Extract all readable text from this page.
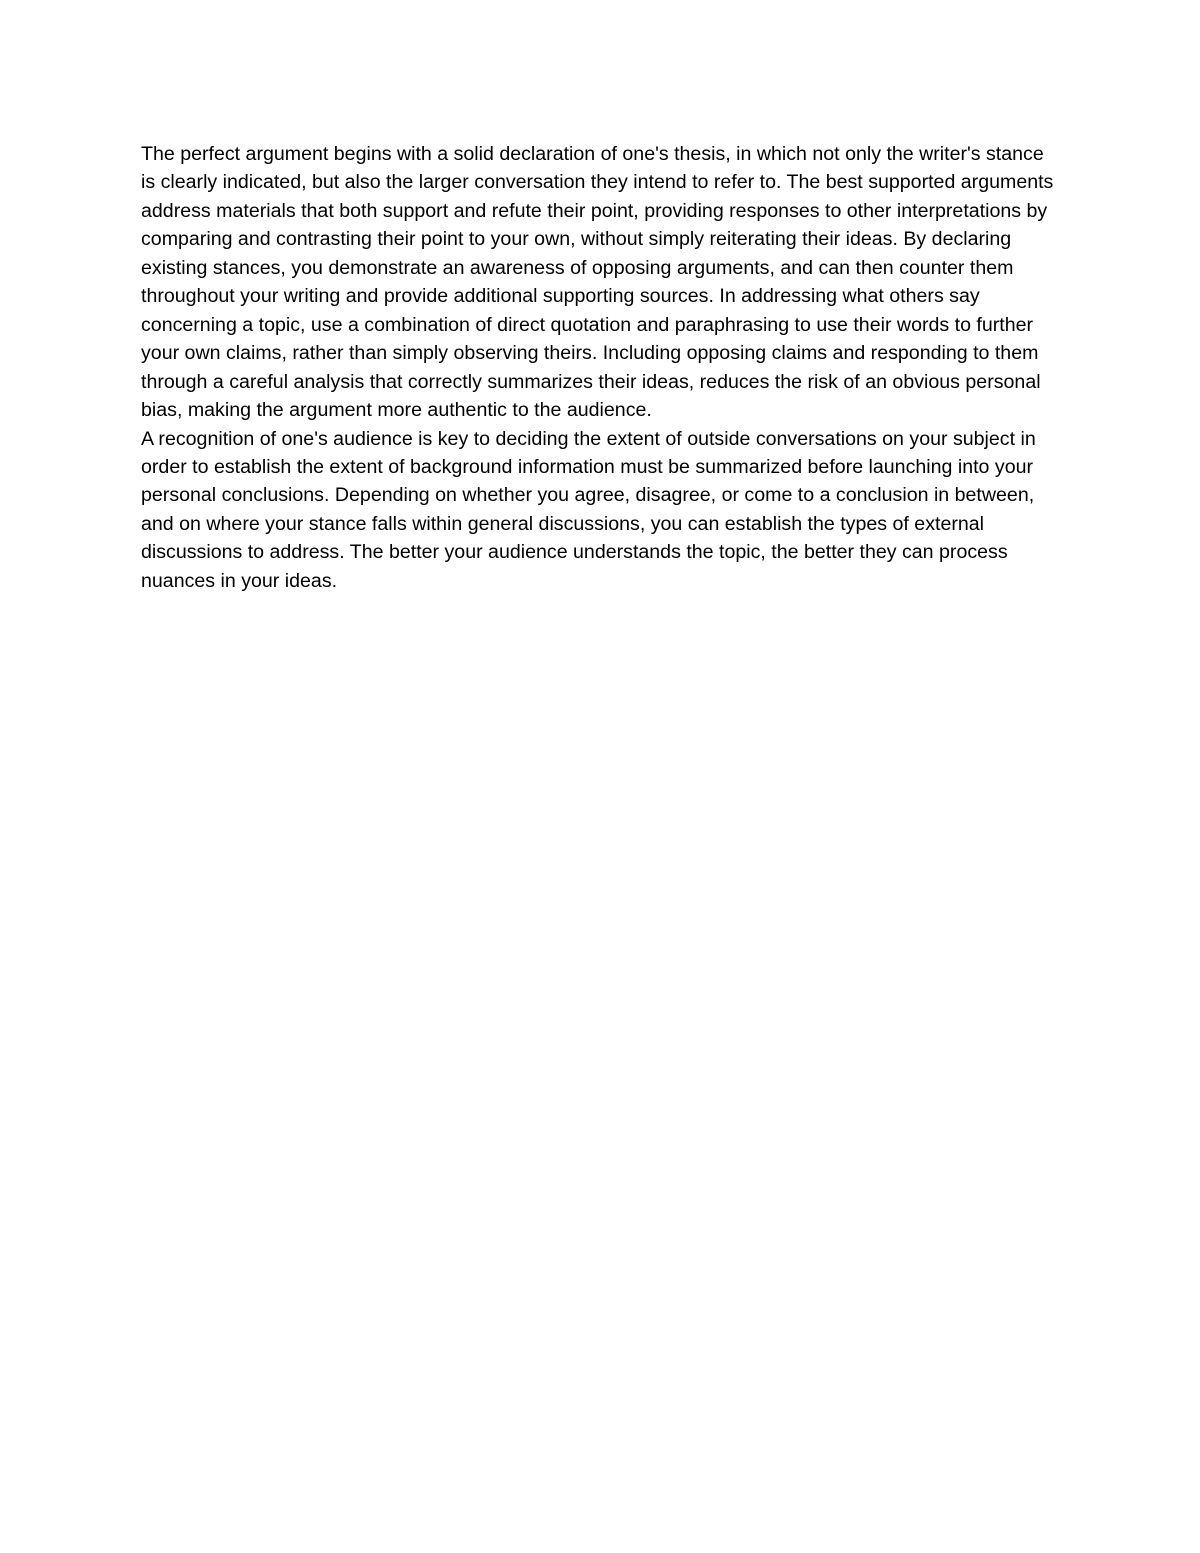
The perfect argument begins with a solid declaration of one's thesis, in which not only the writer's stance is clearly indicated, but also the larger conversation they intend to refer to. The best supported arguments address materials that both support and refute their point, providing responses to other interpretations by comparing and contrasting their point to your own, without simply reiterating their ideas. By declaring existing stances, you demonstrate an awareness of opposing arguments, and can then counter them throughout your writing and provide additional supporting sources. In addressing what others say concerning a topic, use a combination of direct quotation and paraphrasing to use their words to further your own claims, rather than simply observing theirs. Including opposing claims and responding to them through a careful analysis that correctly summarizes their ideas, reduces the risk of an obvious personal bias, making the argument more authentic to the audience.

A recognition of one's audience is key to deciding the extent of outside conversations on your subject in order to establish the extent of background information must be summarized before launching into your personal conclusions. Depending on whether you agree, disagree, or come to a conclusion in between, and on where your stance falls within general discussions, you can establish the types of external discussions to address. The better your audience understands the topic, the better they can process nuances in your ideas.
